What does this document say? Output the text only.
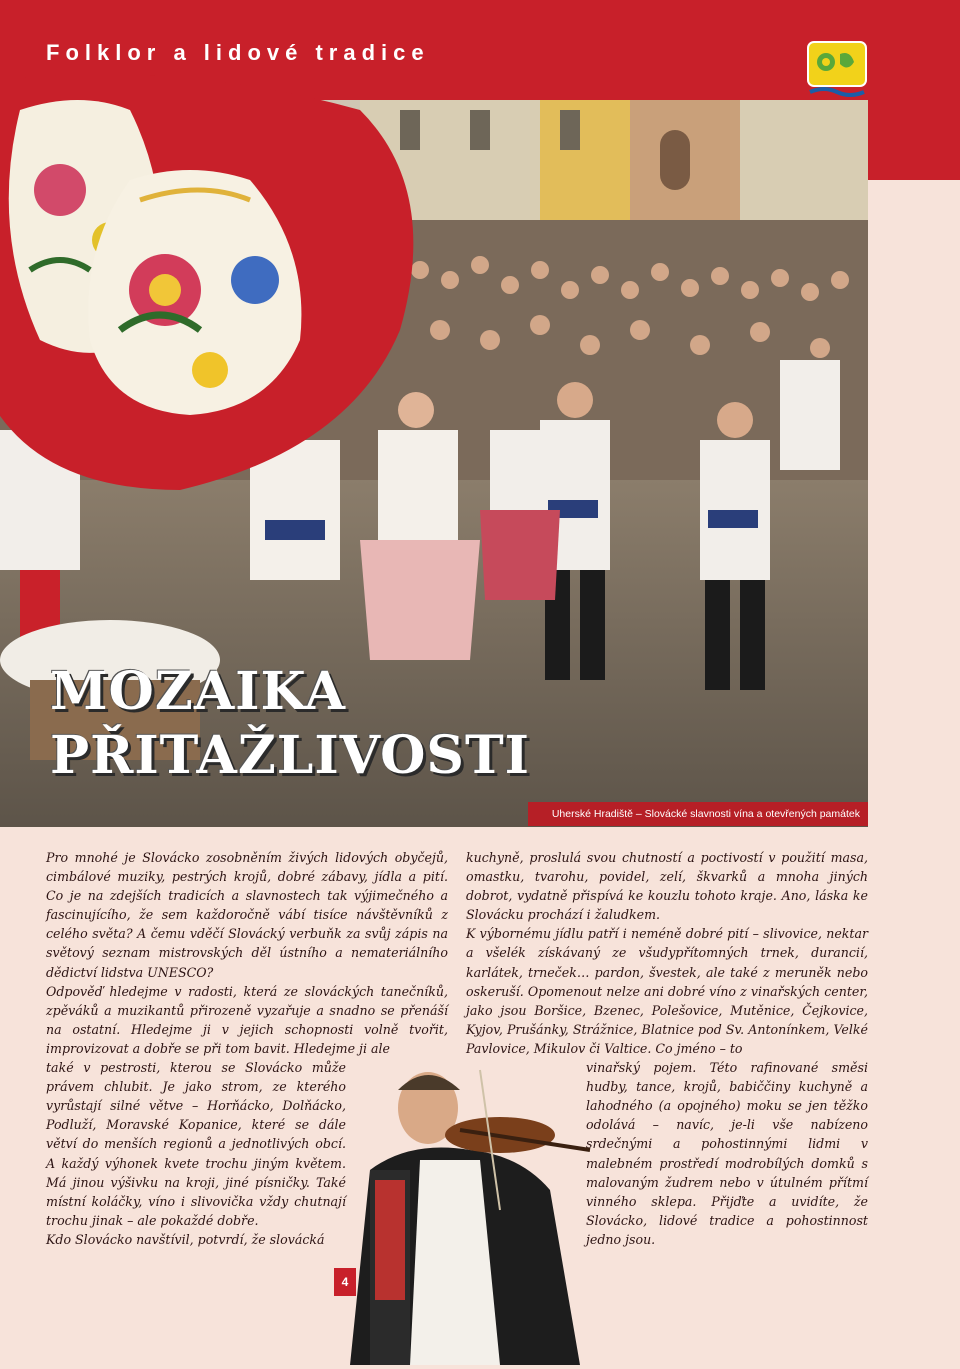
Folklor a lidové tradice
MOZAIKA
PŘITAŽLIVOSTI
Uherské Hradiště – Slovácké slavnosti vína a otevřených památek

Pro mnohé je Slovácko zosobněním živých lidových obyčejů, cimbálové muziky, pestrých krojů, dobré zábavy, jídla a pití. Co je na zdejších tradicích a slavnostech tak výjimečného a fascinujícího, že sem každoročně vábí tisíce návštěvníků z celého světa? A čemu vděčí Slovácký verbuňk za svůj zápis na světový seznam mistrovských děl ústního a nemateriálního dědictví lidstva UNESCO?

Odpověď hledejme v radosti, která ze slováckých tanečníků, zpěváků a muzikantů přirozeně vyzařuje a snadno se přenáší na ostatní. Hledejme ji v jejich schopnosti volně tvořit, improvizovat a dobře se při tom bavit. Hledejme ji ale

také v pestrosti, kterou se Slovácko může právem chlubit. Je jako strom, ze kterého vyrůstají silné větve – Horňácko, Dolňácko, Podluží, Moravské Kopanice, které se dále větví do menších regionů a jednotlivých obcí. A každý výhonek kvete trochu jiným květem. Má jinou výšivku na kroji, jiné písničky. Také místní koláčky, víno i slivovička vždy chutnají trochu jinak – ale pokaždé dobře.

Kdo Slovácko navštívil, potvrdí, že slovácká

kuchyně, proslulá svou chutností a poctivostí v použití masa, omastku, tvarohu, povidel, zelí, škvarků a mnoha jiných dobrot, vydatně přispívá ke kouzlu tohoto kraje. Ano, láska ke Slovácku prochází i žaludkem.

K výbornému jídlu patří i neméně dobré pití – slivovice, nektar a všelék získávaný ze všudypřítomných trnek, durancií, karlátek, trneček… pardon, švestek, ale také z meruněk nebo oskeruší. Opomenout nelze ani dobré víno z vinařských center, jako jsou Boršice, Bzenec, Polešovice, Mutěnice, Čejkovice, Kyjov, Prušánky, Strážnice, Blatnice pod Sv. Antonínkem, Velké Pavlovice, Mikulov či Valtice. Co jméno – to

vinařský pojem. Této rafinované směsi hudby, tance, krojů, babiččiny kuchyně a lahodného (a opojného) moku se jen těžko odolává – navíc, je-li vše nabízeno srdečnými a pohostinnými lidmi v malebném prostředí modrobílých domků s malovaným žudrem nebo v útulném přítmí vinného sklepa. Přijďte a uvidíte, že Slovácko, lidové tradice a pohostinnost jedno jsou.

4
